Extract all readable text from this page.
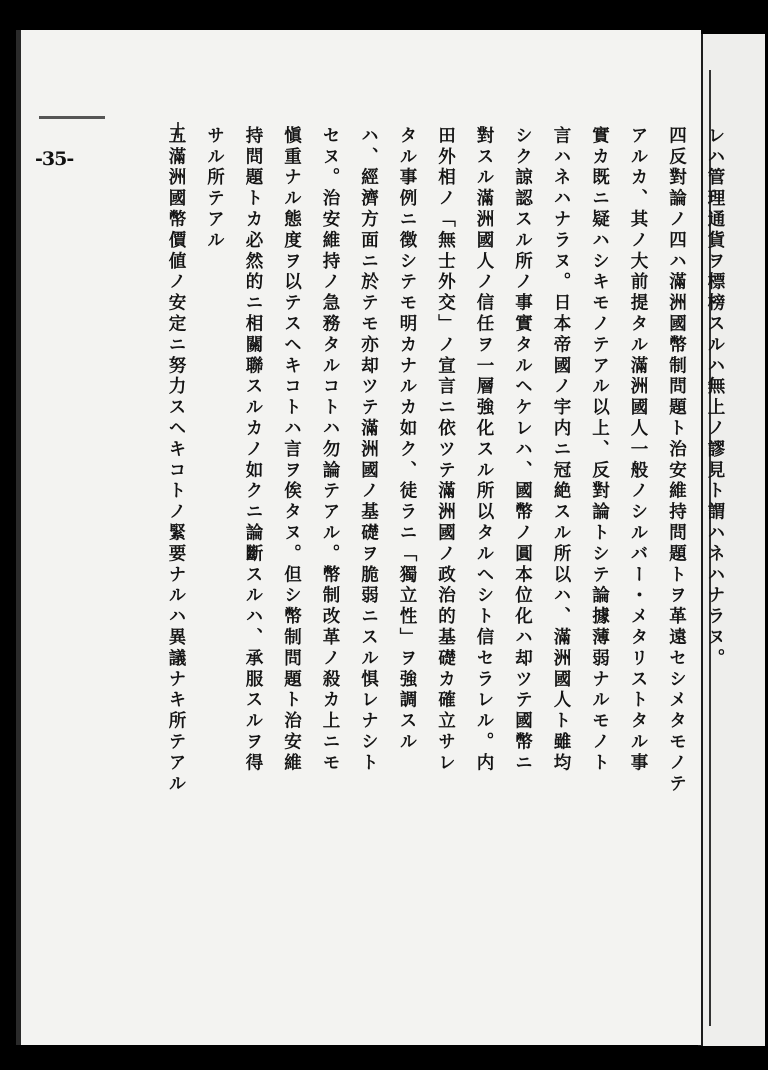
-35-	レハ管理通貨ヲ標榜スルハ無上ノ謬見ト謂ハネハナラヌ。
四反對論ノ四ハ滿洲國幣制問題ト治安維持問題トヲ革遠セシメタモノテ
アルカ、其ノ大前提タル滿洲國人一般ノシルバー・メタリストタル事
實カ既ニ疑ハシキモノテアル以上、反對論トシテ論據薄弱ナルモノト
言ハネハナラヌ。日本帝國ノ宇内ニ冠絶スル所以ハ、滿洲國人ト雖均
シク諒認スル所ノ事實タルヘケレハ、國幣ノ圓本位化ハ却ツテ國幣ニ
對スル滿洲國人ノ信任ヲ一層強化スル所以タルヘシト信セラレル。内
田外相ノ「無士外交」ノ宣言ニ依ツテ滿洲國ノ政治的基礎カ確立サレ
タル事例ニ徴シテモ明カナルカ如ク、徒ラニ「獨立性」ヲ強調スル
ハ、經濟方面ニ於テモ亦却ツテ滿洲國ノ基礎ヲ脆弱ニスル惧レナシト
セヌ。治安維持ノ急務タルコトハ勿論テアル。幣制改革ノ殺カ上ニモ
愼重ナル態度ヲ以テスヘキコトハ言ヲ俟タヌ。但シ幣制問題ト治安維
持問題トカ必然的ニ相關聯スルカノ如クニ論斷スルハ、承服スルヲ得
サル所テアル
五滿洲國幣價値ノ安定ニ努力スヘキコトノ緊要ナルハ異議ナキ所テアル
